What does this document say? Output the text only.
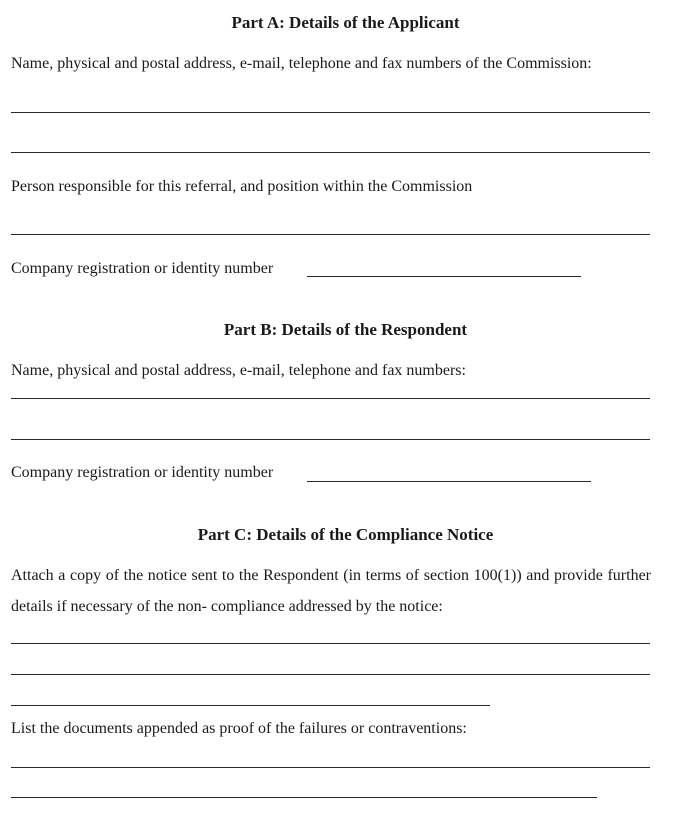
Part A: Details of the Applicant
Name, physical and postal address, e-mail, telephone and fax numbers of the Commission:
Person responsible for this referral, and position within the Commission
Company registration or identity number
Part B: Details of the Respondent
Name, physical and postal address, e-mail, telephone and fax numbers:
Company registration or identity number
Part C: Details of the Compliance Notice
Attach a copy of the notice sent to the Respondent (in terms of section 100(1)) and provide further details if necessary of the non- compliance addressed by the notice:
List the documents appended as proof of the failures or contraventions:
